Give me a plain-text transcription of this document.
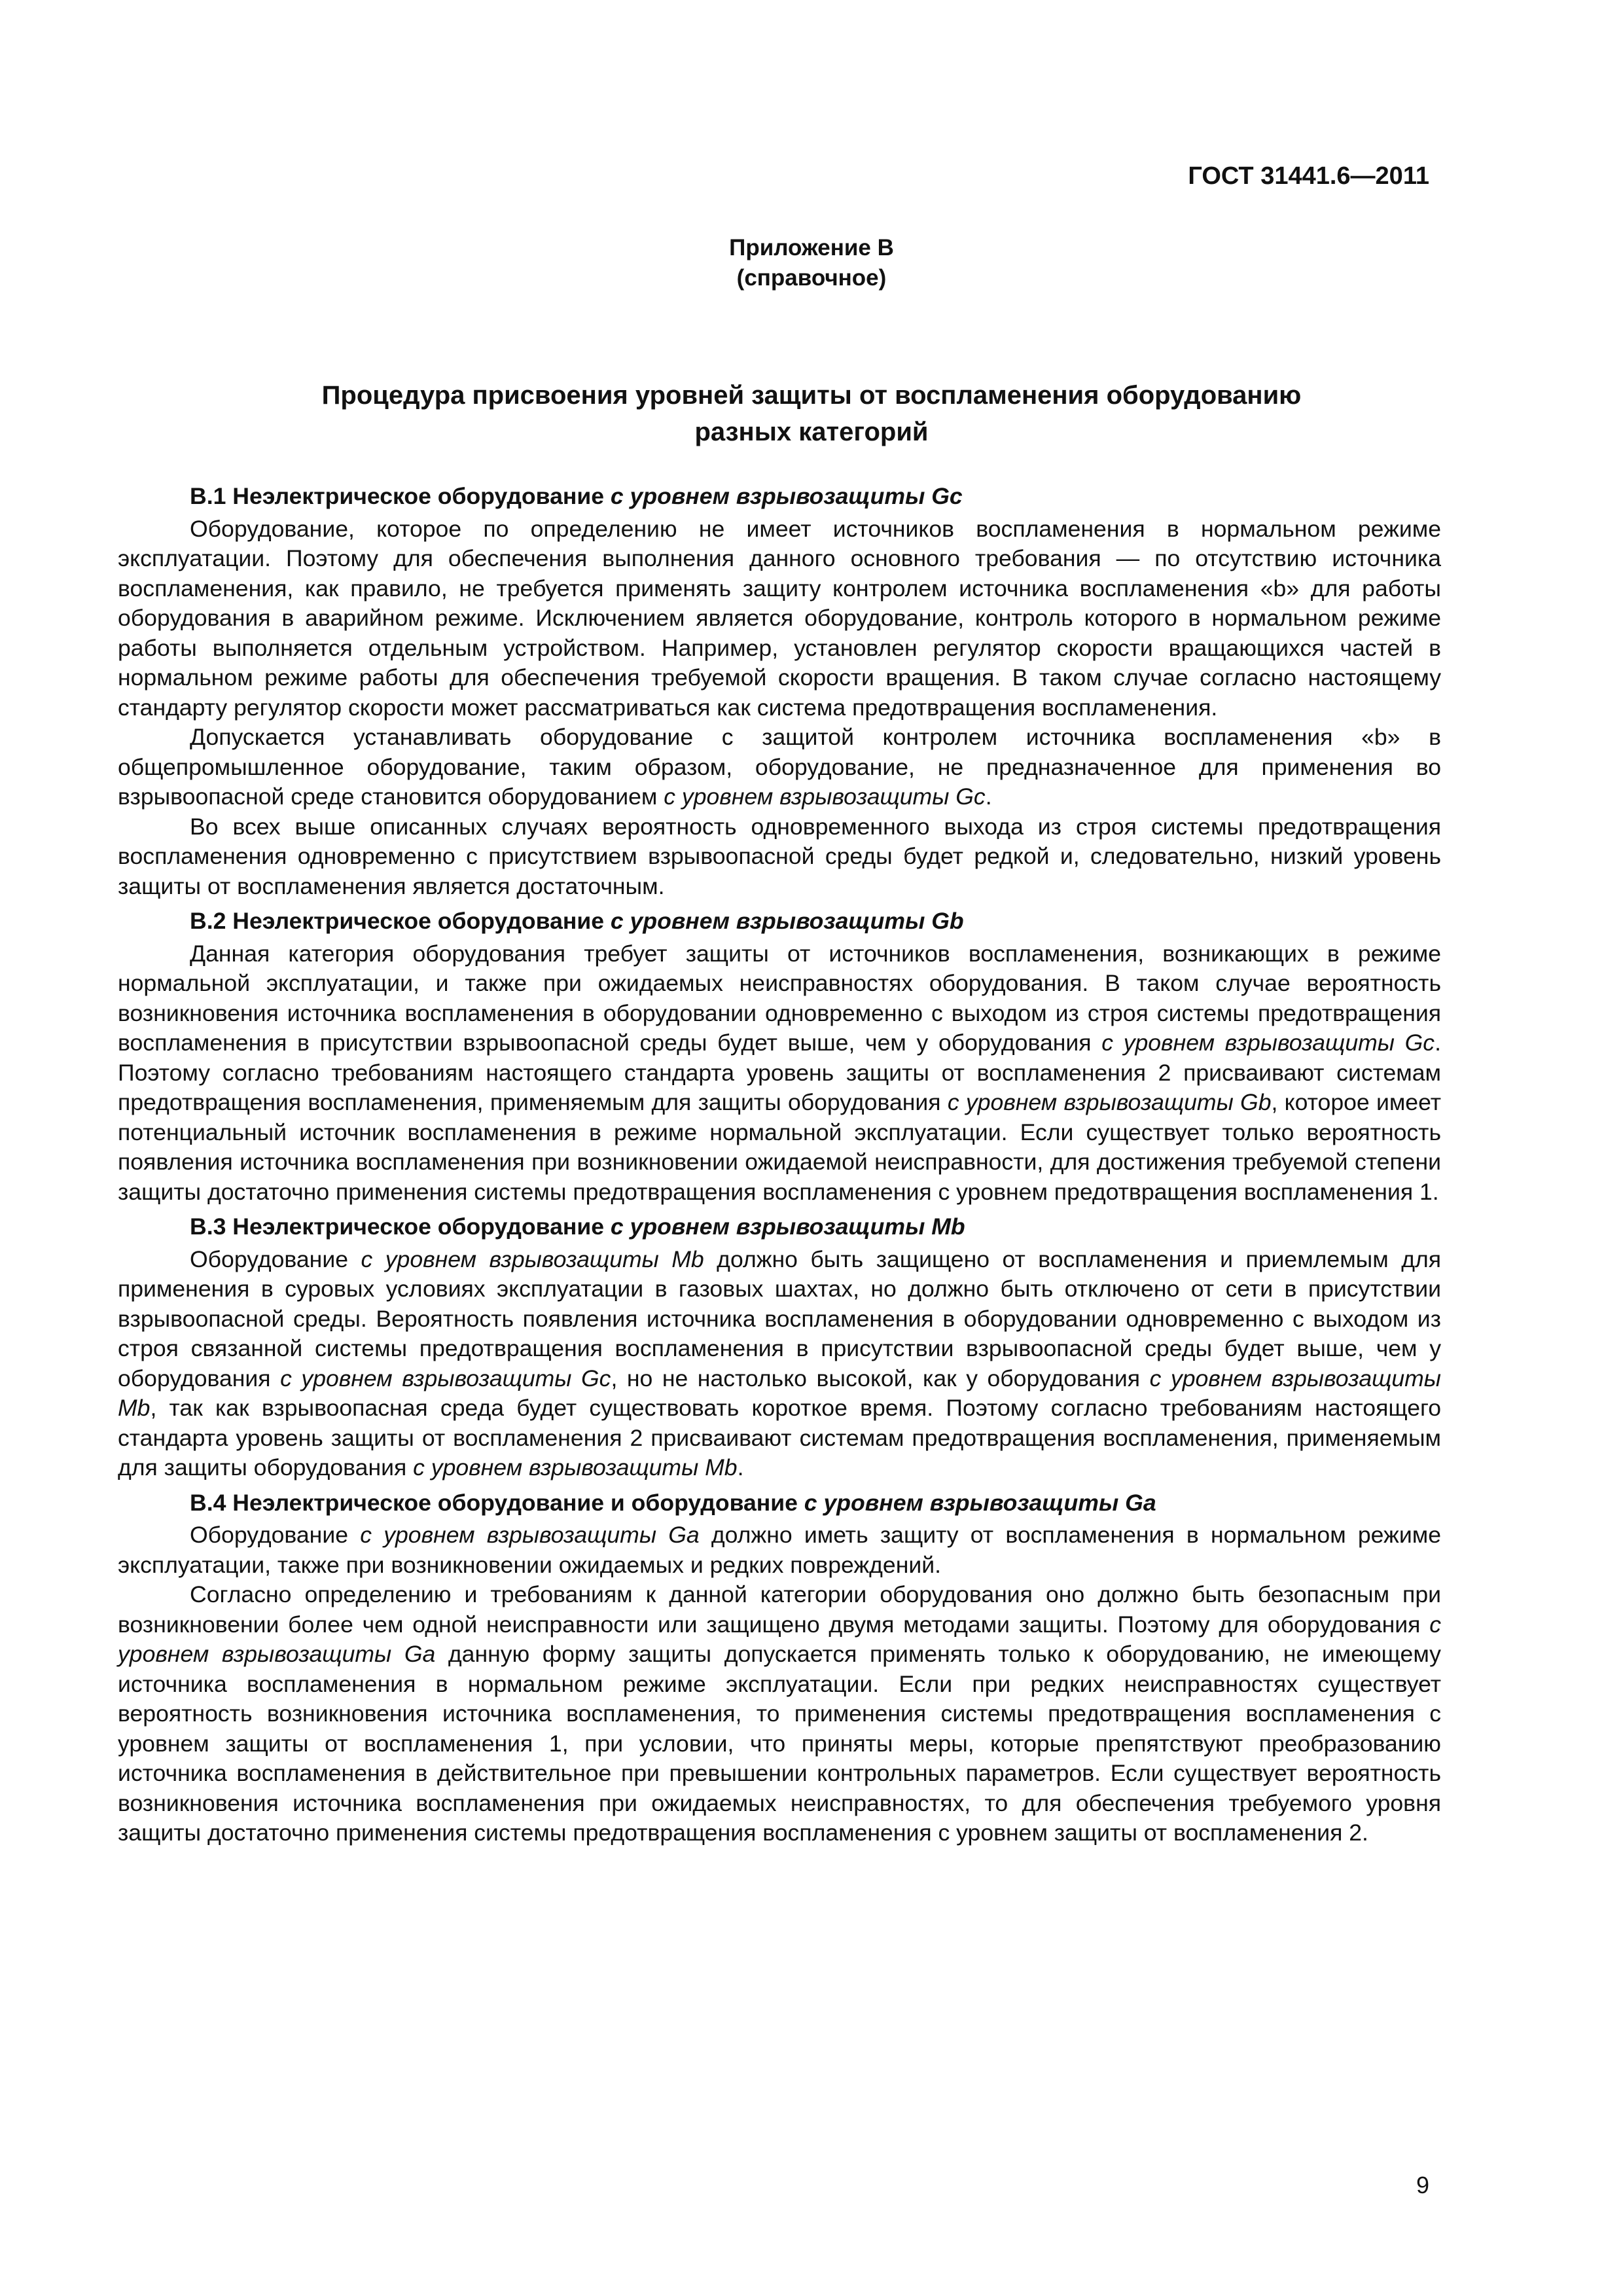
ГОСТ 31441.6—2011
Приложение В
(справочное)
Процедура присвоения уровней защиты от воспламенения оборудованию
разных категорий
В.1 Неэлектрическое оборудование с уровнем взрывозащиты Gc

Оборудование, которое по определению не имеет источников воспламенения в нормальном режиме эксплуатации. Поэтому для обеспечения выполнения данного основного требования — по отсутствию источника воспламенения, как правило, не требуется применять защиту контролем источника воспламенения «b» для работы оборудования в аварийном режиме. Исключением является оборудование, контроль которого в нормальном режиме работы выполняется отдельным устройством. Например, установлен регулятор скорости вращающихся частей в нормальном режиме работы для обеспечения требуемой скорости вращения. В таком случае согласно настоящему стандарту регулятор скорости может рассматриваться как система предотвращения воспламенения.

Допускается устанавливать оборудование с защитой контролем источника воспламенения «b» в общепромышленное оборудование, таким образом, оборудование, не предназначенное для применения во взрывоопасной среде становится оборудованием с уровнем взрывозащиты Gc.

Во всех выше описанных случаях вероятность одновременного выхода из строя системы предотвращения воспламенения одновременно с присутствием взрывоопасной среды будет редкой и, следовательно, низкий уровень защиты от воспламенения является достаточным.

В.2 Неэлектрическое оборудование с уровнем взрывозащиты Gb

Данная категория оборудования требует защиты от источников воспламенения, возникающих в режиме нормальной эксплуатации, и также при ожидаемых неисправностях оборудования. В таком случае вероятность возникновения источника воспламенения в оборудовании одновременно с выходом из строя системы предотвращения воспламенения в присутствии взрывоопасной среды будет выше, чем у оборудования с уровнем взрывозащиты Gc. Поэтому согласно требованиям настоящего стандарта уровень защиты от воспламенения 2 присваивают системам предотвращения воспламенения, применяемым для защиты оборудования с уровнем взрывозащиты Gb, которое имеет потенциальный источник воспламенения в режиме нормальной эксплуатации. Если существует только вероятность появления источника воспламенения при возникновении ожидаемой неисправности, для достижения требуемой степени защиты достаточно применения системы предотвращения воспламенения с уровнем предотвращения воспламенения 1.

В.3 Неэлектрическое оборудование с уровнем взрывозащиты Mb

Оборудование с уровнем взрывозащиты Mb должно быть защищено от воспламенения и приемлемым для применения в суровых условиях эксплуатации в газовых шахтах, но должно быть отключено от сети в присутствии взрывоопасной среды. Вероятность появления источника воспламенения в оборудовании одновременно с выходом из строя связанной системы предотвращения воспламенения в присутствии взрывоопасной среды будет выше, чем у оборудования с уровнем взрывозащиты Gc, но не настолько высокой, как у оборудования с уровнем взрывозащиты Mb, так как взрывоопасная среда будет существовать короткое время. Поэтому согласно требованиям настоящего стандарта уровень защиты от воспламенения 2 присваивают системам предотвращения воспламенения, применяемым для защиты оборудования с уровнем взрывозащиты Mb.

В.4 Неэлектрическое оборудование и оборудование с уровнем взрывозащиты Ga

Оборудование с уровнем взрывозащиты Ga должно иметь защиту от воспламенения в нормальном режиме эксплуатации, также при возникновении ожидаемых и редких повреждений.

Согласно определению и требованиям к данной категории оборудования оно должно быть безопасным при возникновении более чем одной неисправности или защищено двумя методами защиты. Поэтому для оборудования с уровнем взрывозащиты Ga данную форму защиты допускается применять только к оборудованию, не имеющему источника воспламенения в нормальном режиме эксплуатации. Если при редких неисправностях существует вероятность возникновения источника воспламенения, то применения системы предотвращения воспламенения с уровнем защиты от воспламенения 1, при условии, что приняты меры, которые препятствуют преобразованию источника воспламенения в действительное при превышении контрольных параметров. Если существует вероятность возникновения источника воспламенения при ожидаемых неисправностях, то для обеспечения требуемого уровня защиты достаточно применения системы предотвращения воспламенения с уровнем защиты от воспламенения 2.

9
